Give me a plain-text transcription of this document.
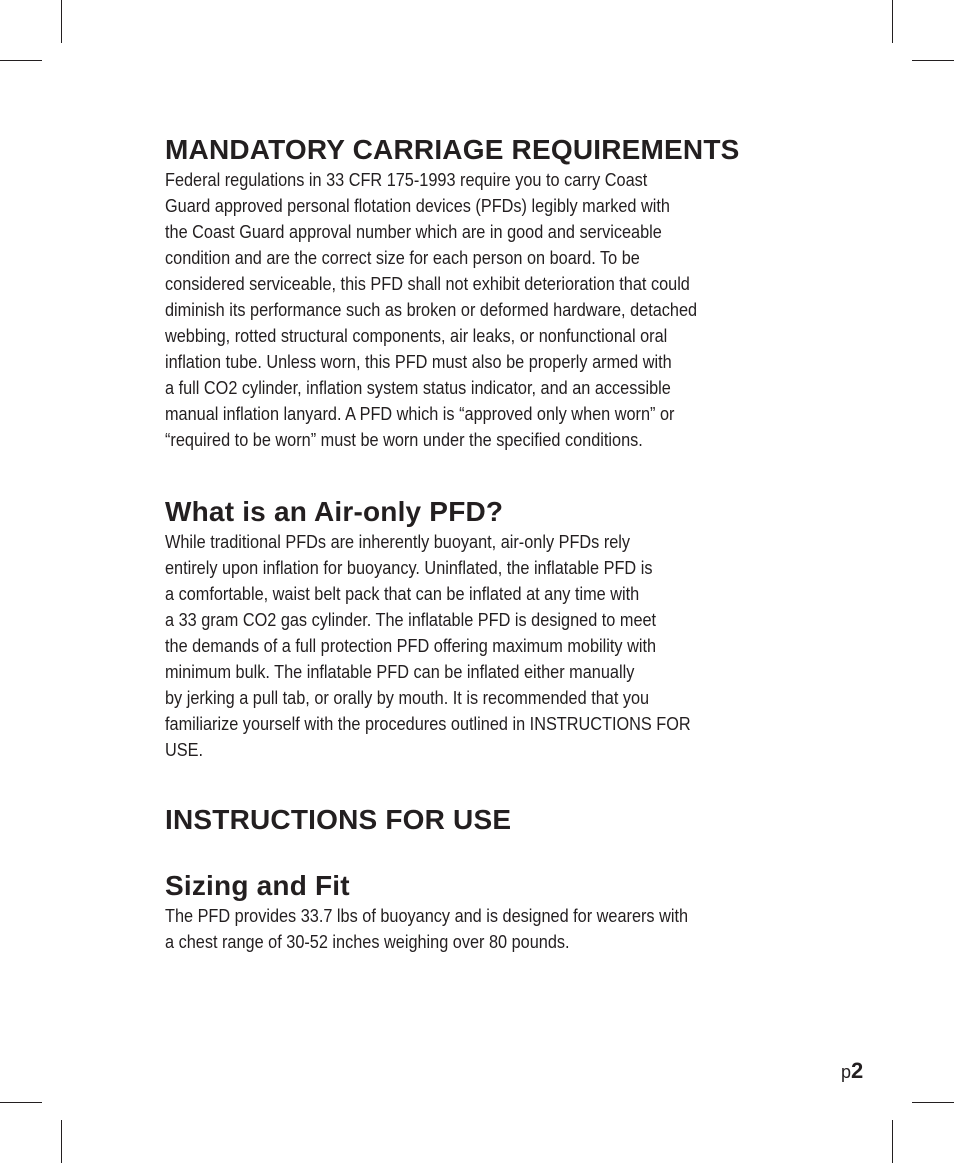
MANDATORY CARRIAGE REQUIREMENTS

Federal regulations in 33 CFR 175-1993 require you to carry Coast
Guard approved personal flotation devices (PFDs) legibly marked with
the Coast Guard approval number which are in good and serviceable
condition and are the correct size for each person on board. To be
considered serviceable, this PFD shall not exhibit deterioration that could
diminish its performance such as broken or deformed hardware, detached
webbing, rotted structural components, air leaks, or nonfunctional oral
inflation tube. Unless worn, this PFD must also be properly armed with
a full CO2 cylinder, inflation system status indicator, and an accessible
manual inflation lanyard. A PFD which is “approved only when worn” or
“required to be worn” must be worn under the specified conditions.

What is an Air-only PFD?

While traditional PFDs are inherently buoyant, air-only PFDs rely
entirely upon inflation for buoyancy. Uninflated, the inflatable PFD is
a comfortable, waist belt pack that can be inflated at any time with
a 33 gram CO2 gas cylinder. The inflatable PFD is designed to meet
the demands of a full protection PFD offering maximum mobility with
minimum bulk. The inflatable PFD can be inflated either manually
by jerking a pull tab, or orally by mouth. It is recommended that you
familiarize yourself with the procedures outlined in INSTRUCTIONS FOR
USE.

INSTRUCTIONS FOR USE
Sizing and Fit

The PFD provides 33.7 lbs of buoyancy and is designed for wearers with
a chest range of 30-52 inches weighing over 80 pounds.

p2
